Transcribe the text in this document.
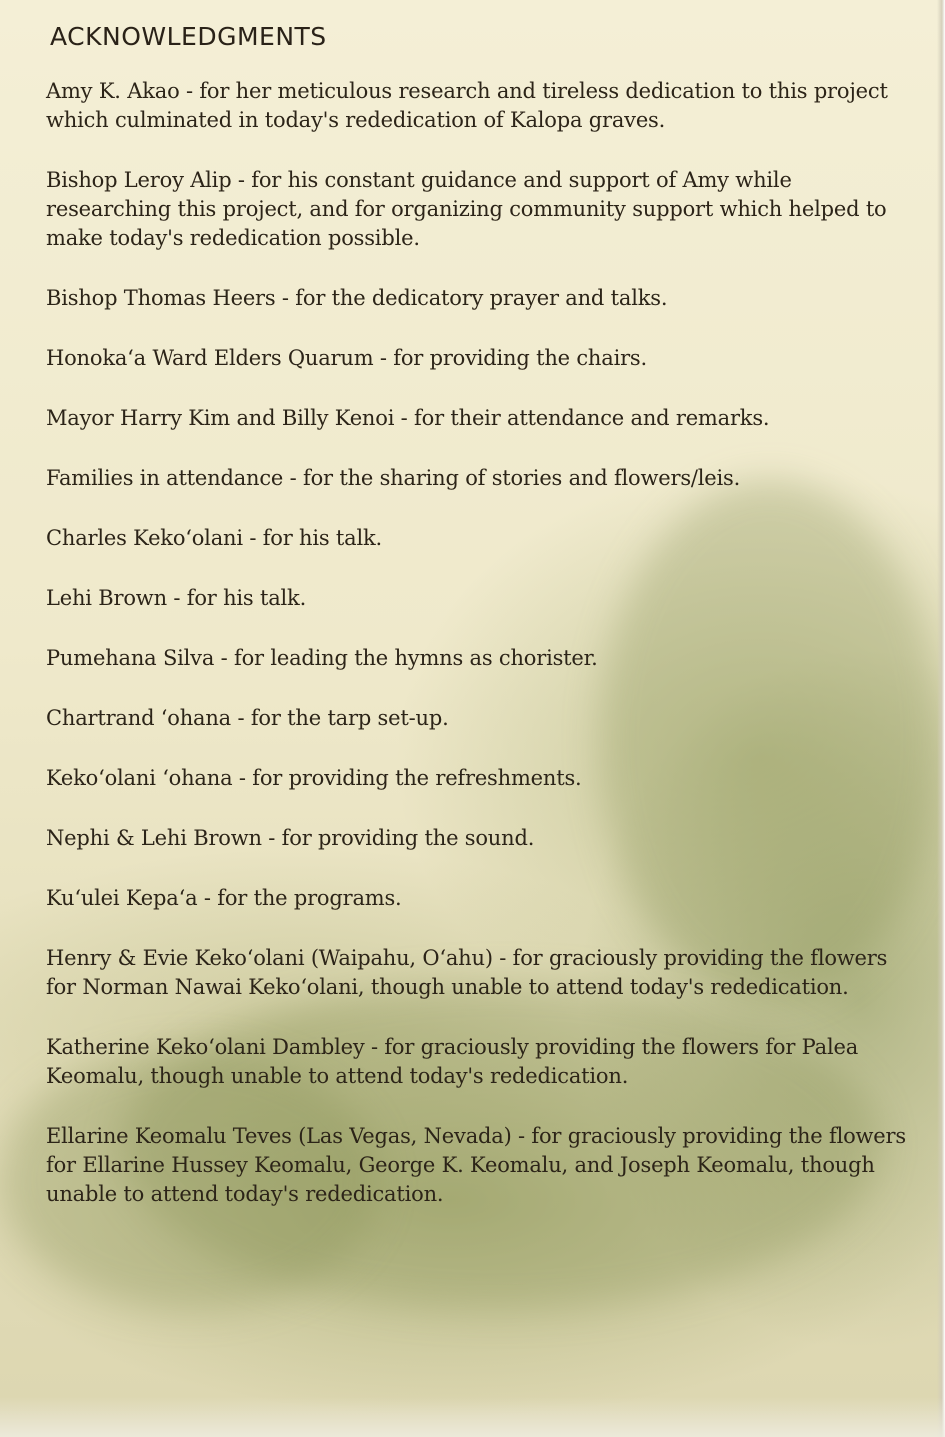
ACKNOWLEDGMENTS
Amy K. Akao - for her meticulous research and tireless dedication to this project which culminated in today's rededication of Kalopa graves.
Bishop Leroy Alip - for his constant guidance and support of Amy while researching this project, and for organizing community support which helped to make today's rededication possible.
Bishop Thomas Heers - for the dedicatory prayer and talks.
Honoka‘a Ward Elders Quarum - for providing the chairs.
Mayor Harry Kim and Billy Kenoi - for their attendance and remarks.
Families in attendance - for the sharing of stories and flowers/leis.
Charles Keko‘olani - for his talk.
Lehi Brown - for his talk.
Pumehana Silva - for leading the hymns as chorister.
Chartrand ‘ohana - for the tarp set-up.
Keko‘olani ‘ohana - for providing the refreshments.
Nephi & Lehi Brown - for providing the sound.
Ku‘ulei Kepa‘a - for the programs.
Henry & Evie Keko‘olani (Waipahu, O‘ahu) - for graciously providing the flowers for Norman Nawai Keko‘olani, though unable to attend today's rededication.
Katherine Keko‘olani Dambley - for graciously providing the flowers for Palea Keomalu, though unable to attend today's rededication.
Ellarine Keomalu Teves (Las Vegas, Nevada) - for graciously providing the flowers for Ellarine Hussey Keomalu, George K. Keomalu, and Joseph Keomalu, though unable to attend today's rededication.
